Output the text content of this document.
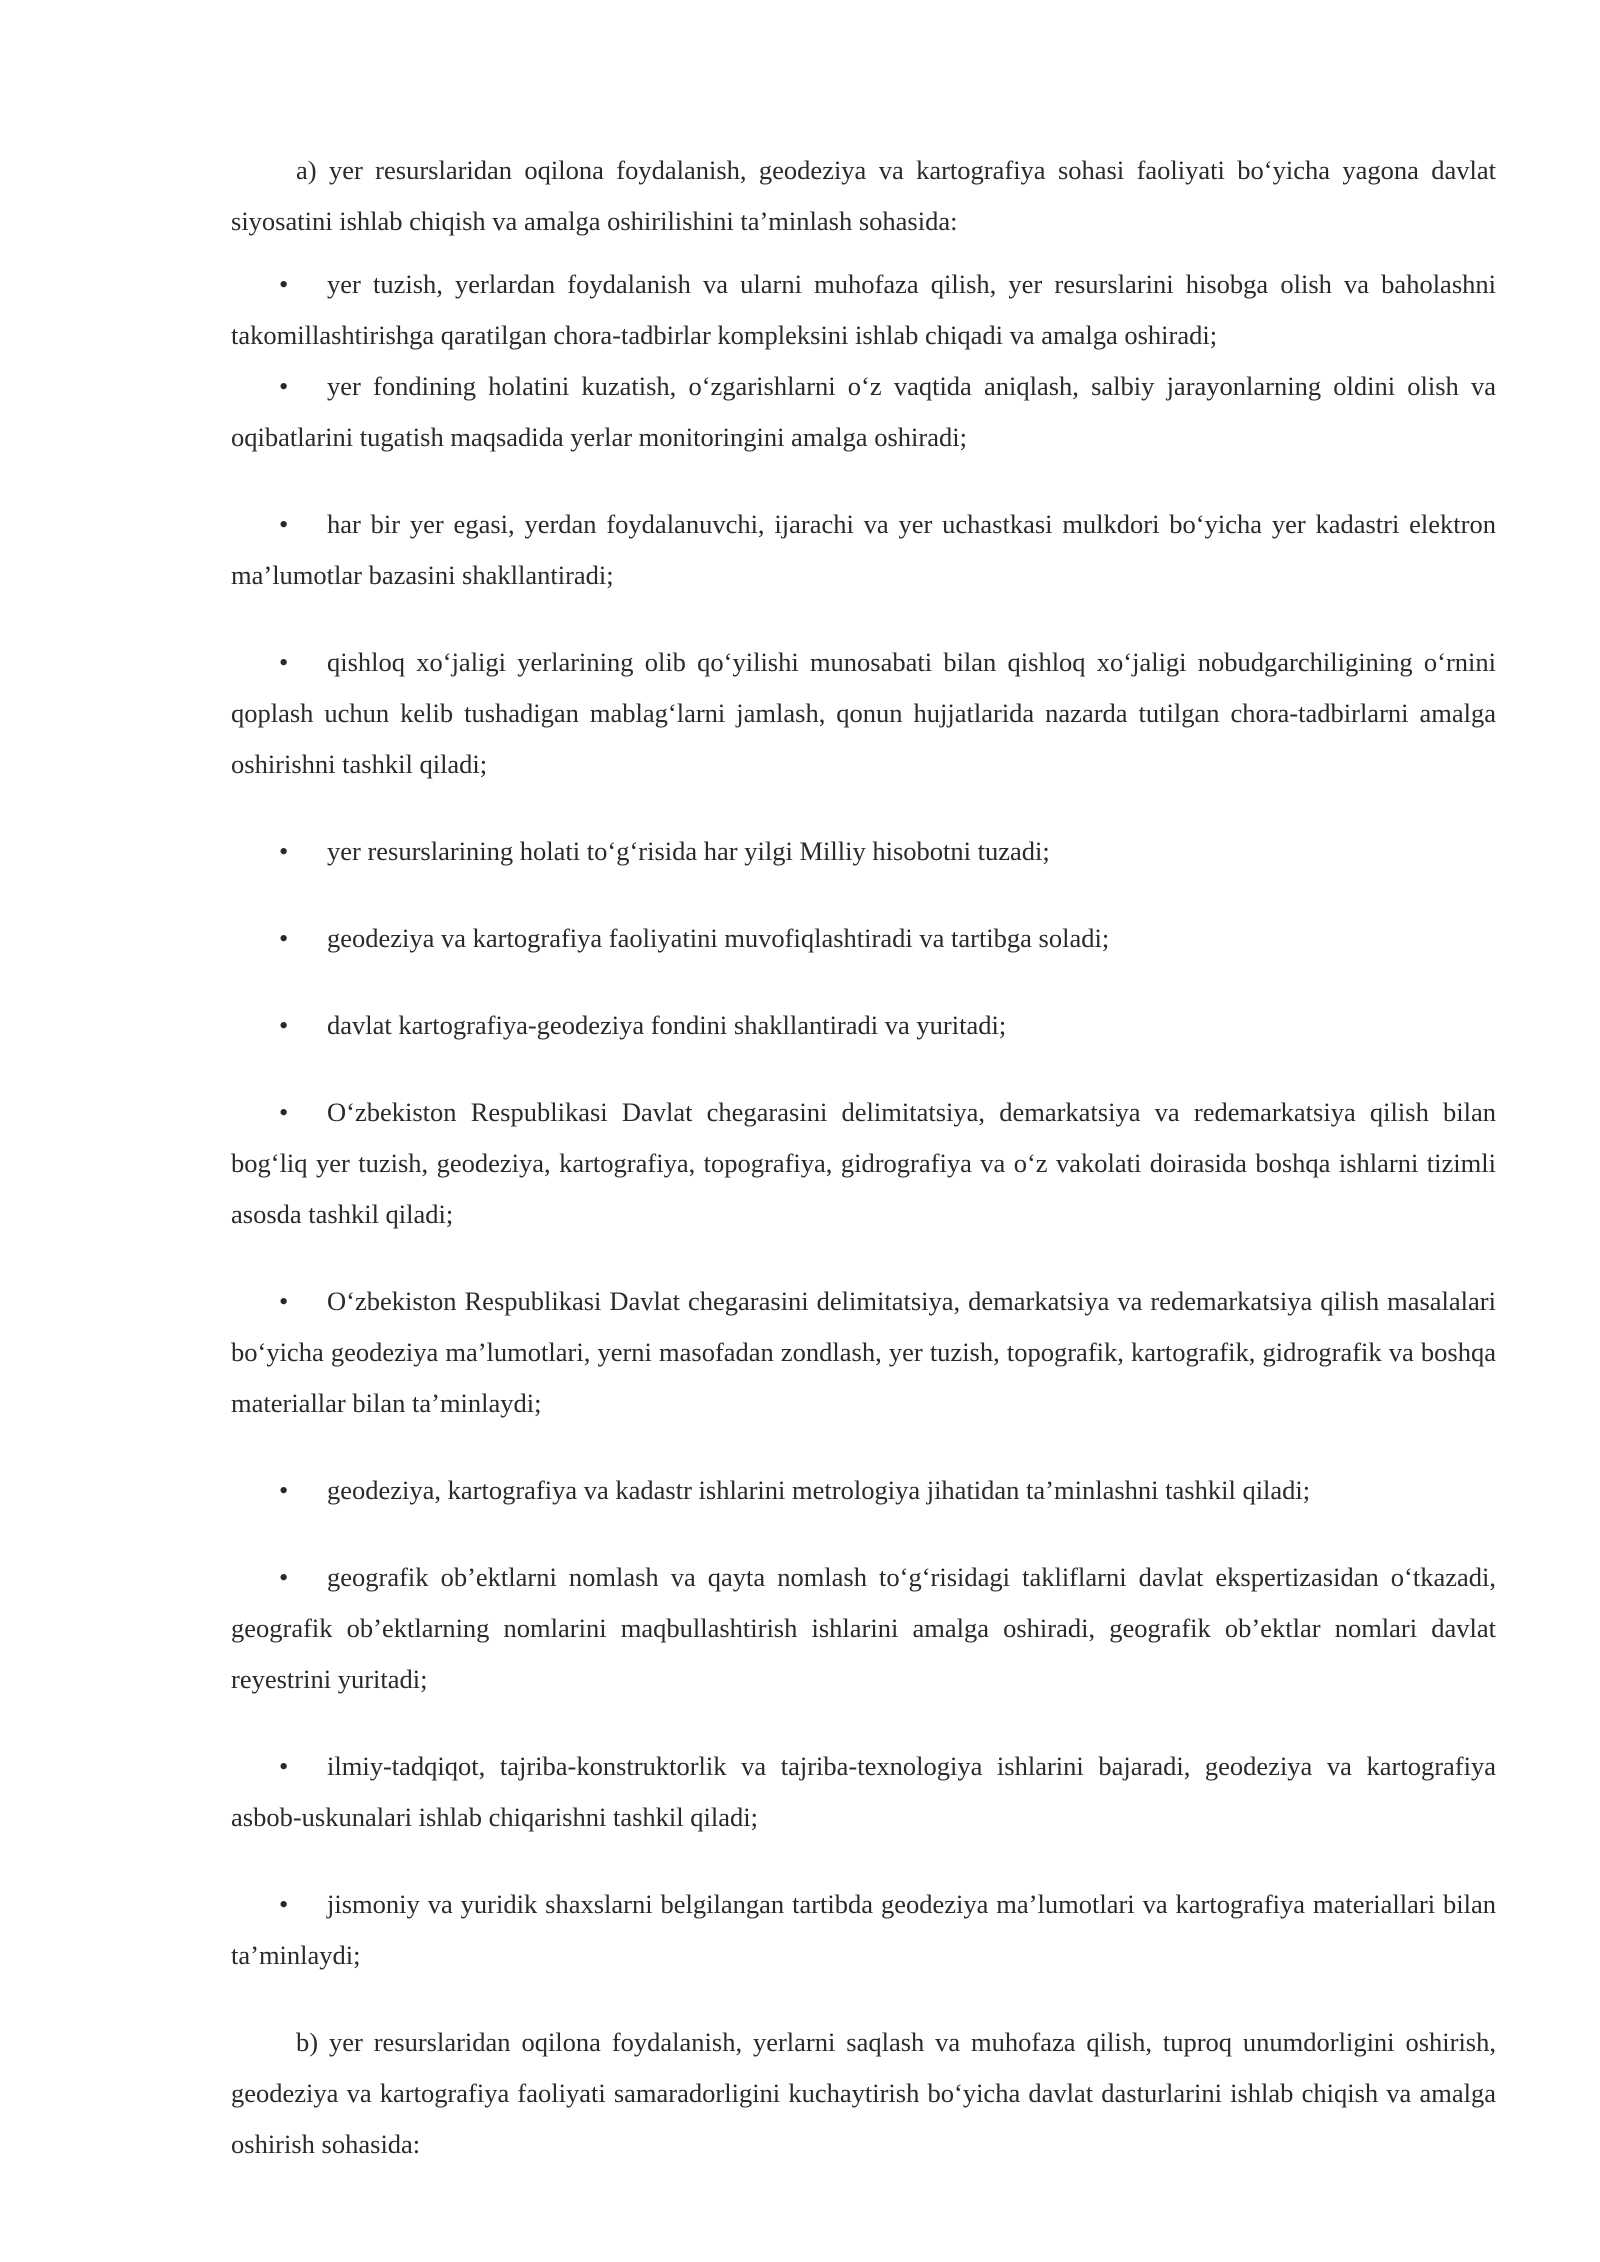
a) yer resurslaridan oqilona foydalanish, geodeziya va kartografiya sohasi faoliyati bo‘yicha yagona davlat siyosatini ishlab chiqish va amalga oshirilishini ta’minlash sohasida:

• yer tuzish, yerlardan foydalanish va ularni muhofaza qilish, yer resurslarini hisobga olish va baholashni takomillashtirishga qaratilgan chora-tadbirlar kompleksini ishlab chiqadi va amalga oshiradi;

• yer fondining holatini kuzatish, o‘zgarishlarni o‘z vaqtida aniqlash, salbiy jarayonlarning oldini olish va oqibatlarini tugatish maqsadida yerlar monitoringini amalga oshiradi;

• har bir yer egasi, yerdan foydalanuvchi, ijarachi va yer uchastkasi mulkdori bo‘yicha yer kadastri elektron ma’lumotlar bazasini shakllantiradi;

• qishloq xo‘jaligi yerlarining olib qo‘yilishi munosabati bilan qishloq xo‘jaligi nobudgarchiligining o‘rnini qoplash uchun kelib tushadigan mablag‘larni jamlash, qonun hujjatlarida nazarda tutilgan chora-tadbirlarni amalga oshirishni tashkil qiladi;

• yer resurslarining holati to‘g‘risida har yilgi Milliy hisobotni tuzadi;

• geodeziya va kartografiya faoliyatini muvofiqlashtiradi va tartibga soladi;

• davlat kartografiya-geodeziya fondini shakllantiradi va yuritadi;

• O‘zbekiston Respublikasi Davlat chegarasini delimitatsiya, demarkatsiya va redemarkatsiya qilish bilan bog‘liq yer tuzish, geodeziya, kartografiya, topografiya, gidrografiya va o‘z vakolati doirasida boshqa ishlarni tizimli asosda tashkil qiladi;

• O‘zbekiston Respublikasi Davlat chegarasini delimitatsiya, demarkatsiya va redemarkatsiya qilish masalalari bo‘yicha geodeziya ma’lumotlari, yerni masofadan zondlash, yer tuzish, topografik, kartografik, gidrografik va boshqa materiallar bilan ta’minlaydi;

• geodeziya, kartografiya va kadastr ishlarini metrologiya jihatidan ta’minlashni tashkil qiladi;

• geografik ob’ektlarni nomlash va qayta nomlash to‘g‘risidagi takliflarni davlat ekspertizasidan o‘tkazadi, geografik ob’ektlarning nomlarini maqbullashtirish ishlarini amalga oshiradi, geografik ob’ektlar nomlari davlat reyestrini yuritadi;

• ilmiy-tadqiqot, tajriba-konstruktorlik va tajriba-texnologiya ishlarini bajaradi, geodeziya va kartografiya asbob-uskunalari ishlab chiqarishni tashkil qiladi;

• jismoniy va yuridik shaxslarni belgilangan tartibda geodeziya ma’lumotlari va kartografiya materiallari bilan ta’minlaydi;

b) yer resurslaridan oqilona foydalanish, yerlarni saqlash va muhofaza qilish, tuproq unumdorligini oshirish, geodeziya va kartografiya faoliyati samaradorligini kuchaytirish bo‘yicha davlat dasturlarini ishlab chiqish va amalga oshirish sohasida:
